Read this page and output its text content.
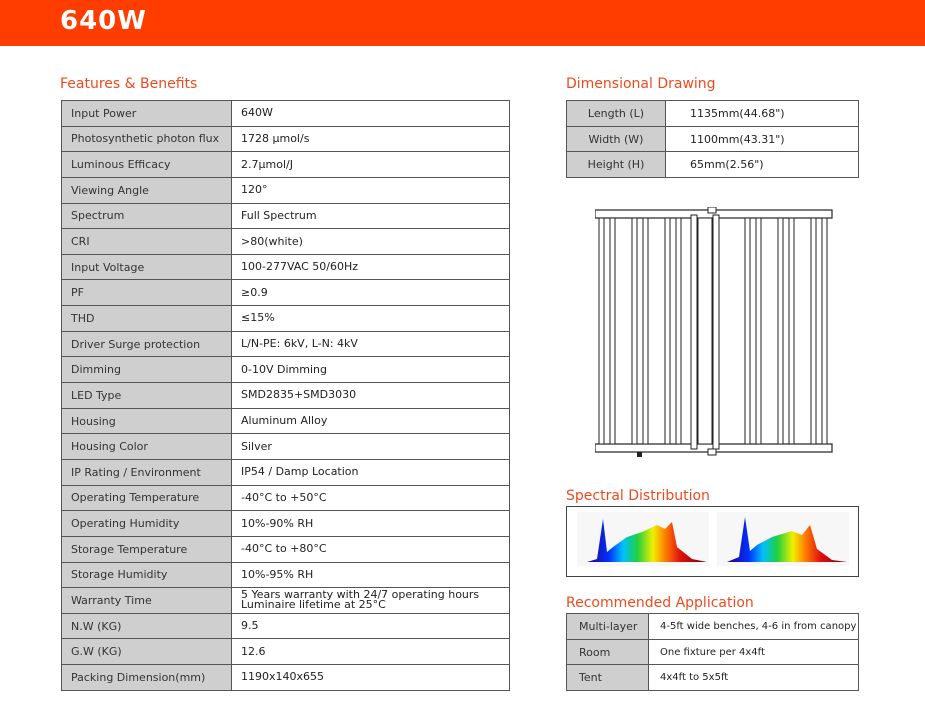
640W
Features & Benefits
Input Power	640W
Photosynthetic photon flux	1728 µmol/s
Luminous Efficacy	2.7µmol/J
Viewing Angle	120°
Spectrum	Full Spectrum
CRI	>80(white)
Input Voltage	100-277VAC 50/60Hz
PF	≥0.9
THD	≤15%
Driver Surge protection	L/N-PE: 6kV, L-N: 4kV
Dimming	0-10V Dimming
LED Type	SMD2835+SMD3030
Housing	Aluminum Alloy
Housing Color	Silver
IP Rating / Environment	IP54 / Damp Location
Operating Temperature	-40°C to +50°C
Operating Humidity	10%-90% RH
Storage Temperature	-40°C to +80°C
Storage Humidity	10%-95% RH
Warranty Time	5 Years warranty with 24/7 operating hours
Luminaire lifetime at 25°C
N.W (KG)	9.5
G.W (KG)	12.6
Packing Dimension(mm)	1190x140x655
Dimensional Drawing
Length (L)	1135mm(44.68")
Width (W)	1100mm(43.31")
Height (H)	65mm(2.56")
Spectral Distribution
Recommended Application
Multi-layer	4-5ft wide benches, 4-6 in from canopy
Room	One fixture per 4x4ft
Tent	4x4ft to 5x5ft
